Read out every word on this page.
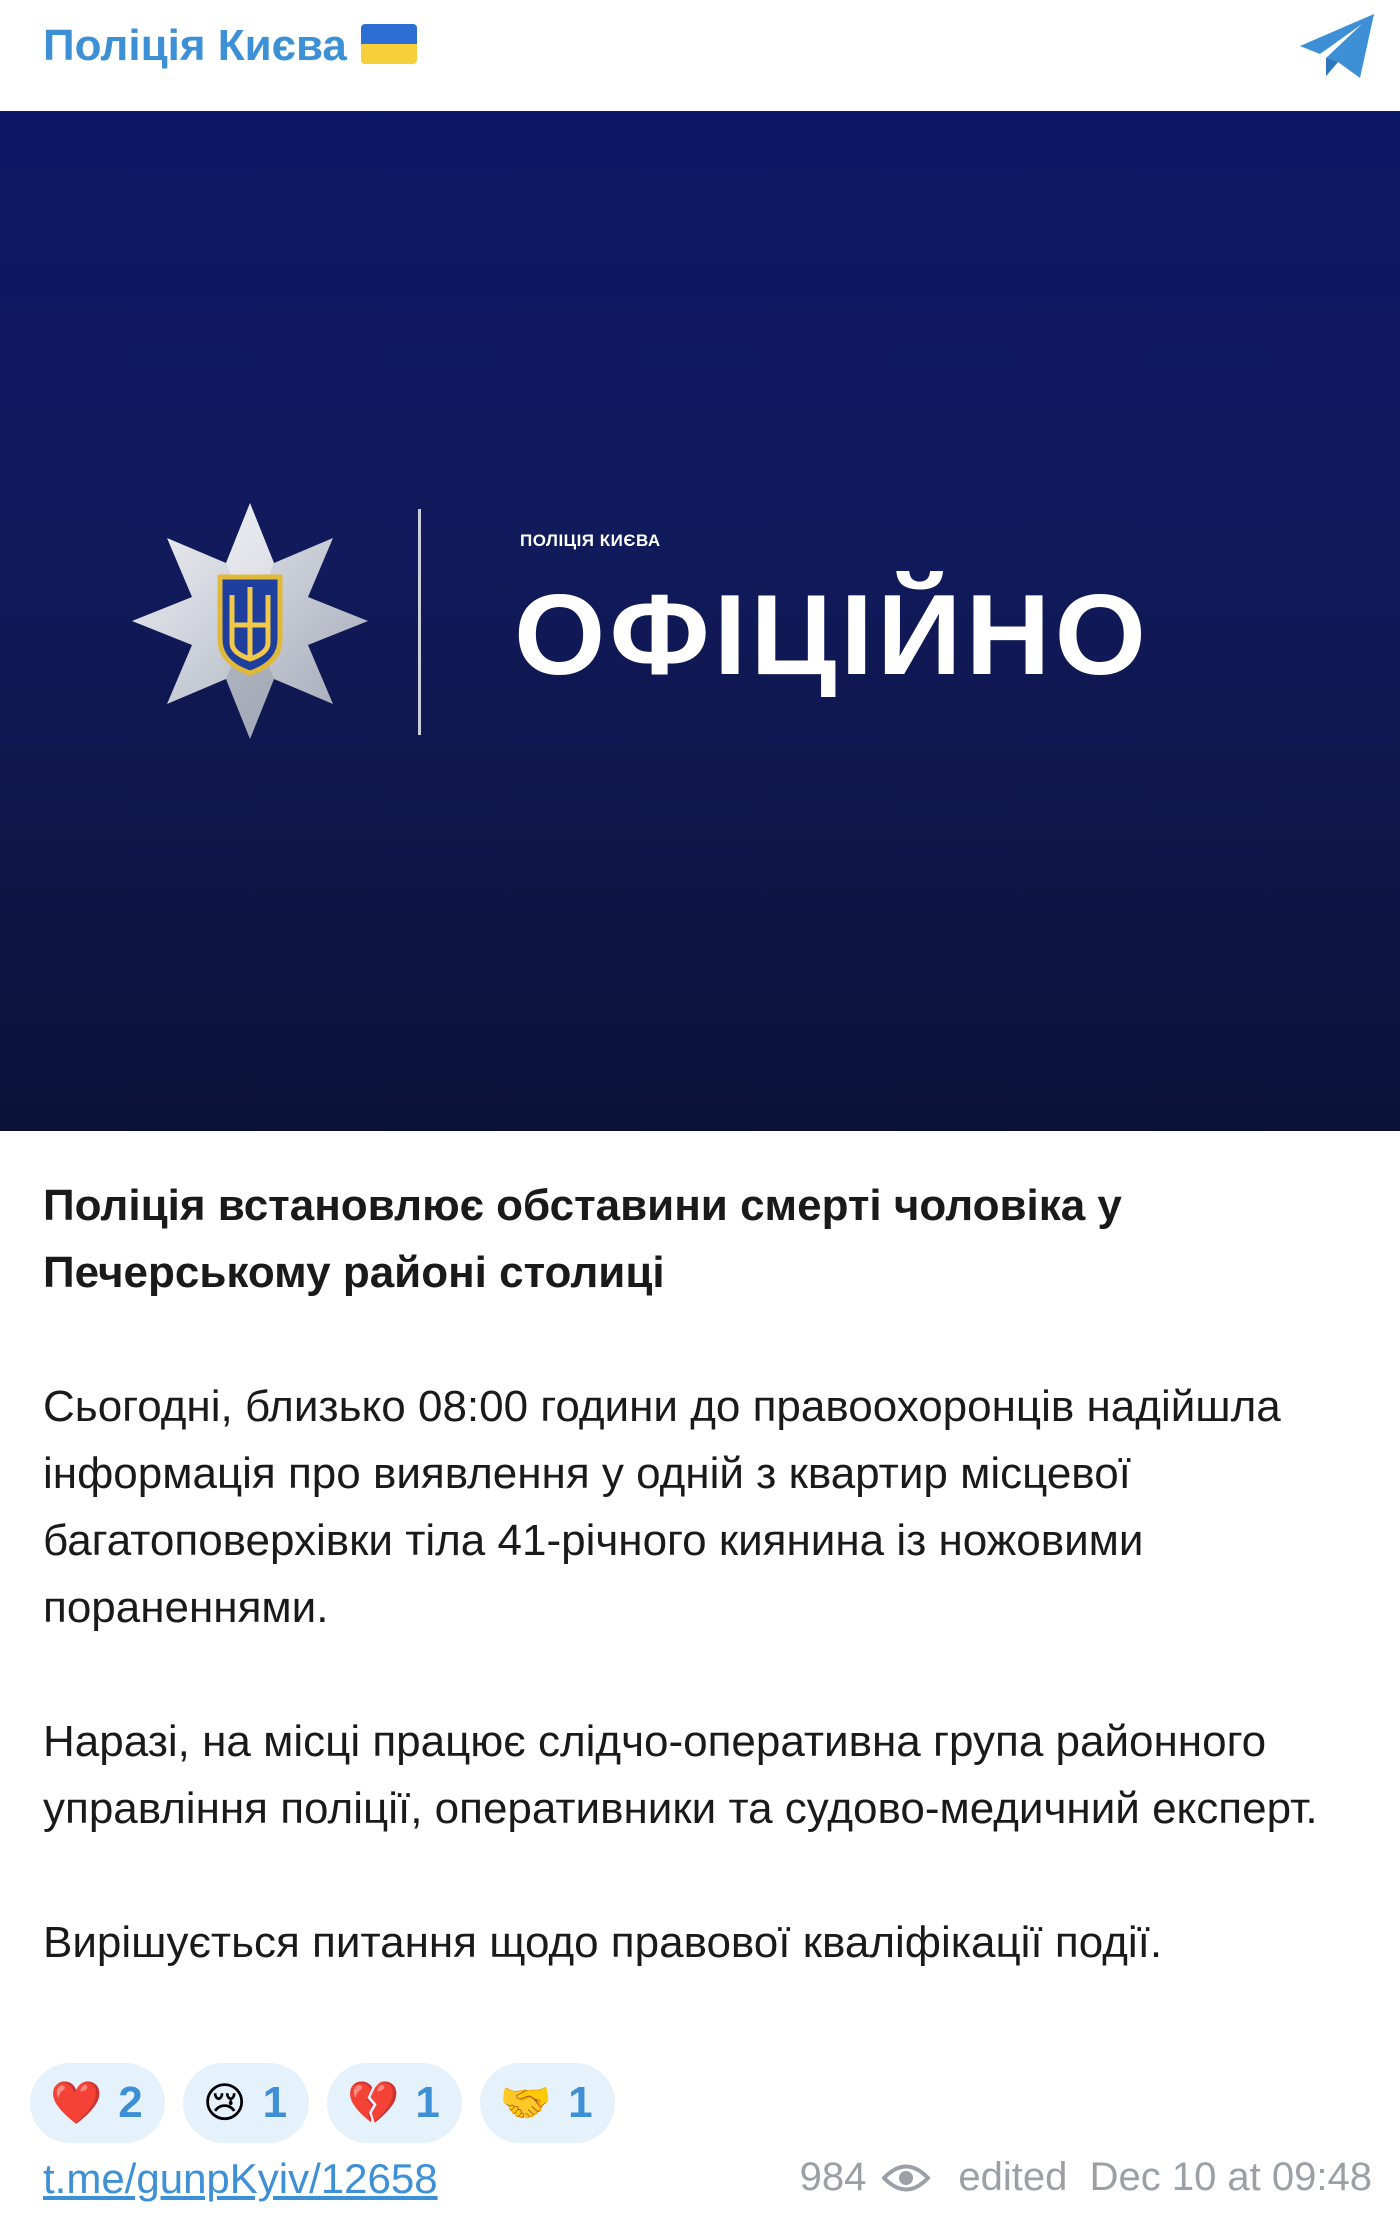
Поліція Києва
ПОЛІЦІЯ КИЄВА
ОФІЦІЙНО
Поліція встановлює обставини смерті чоловіка у Печерському районі столиці
Сьогодні, близько 08:00 години до правоохоронців надійшла інформація про виявлення у одній з квартир місцевої багатоповерхівки тіла 41-річного киянина із ножовими пораненнями.
Наразі, на місці працює слідчо-оперативна група районного управління поліції, оперативники та судово-медичний експерт.
Вирішується питання щодо правової кваліфікації події.
❤️ 2 😢 1 💔 1 🤝 1
t.me/gunpKyiv/12658	984 edited
Dec 10 at 09:48
